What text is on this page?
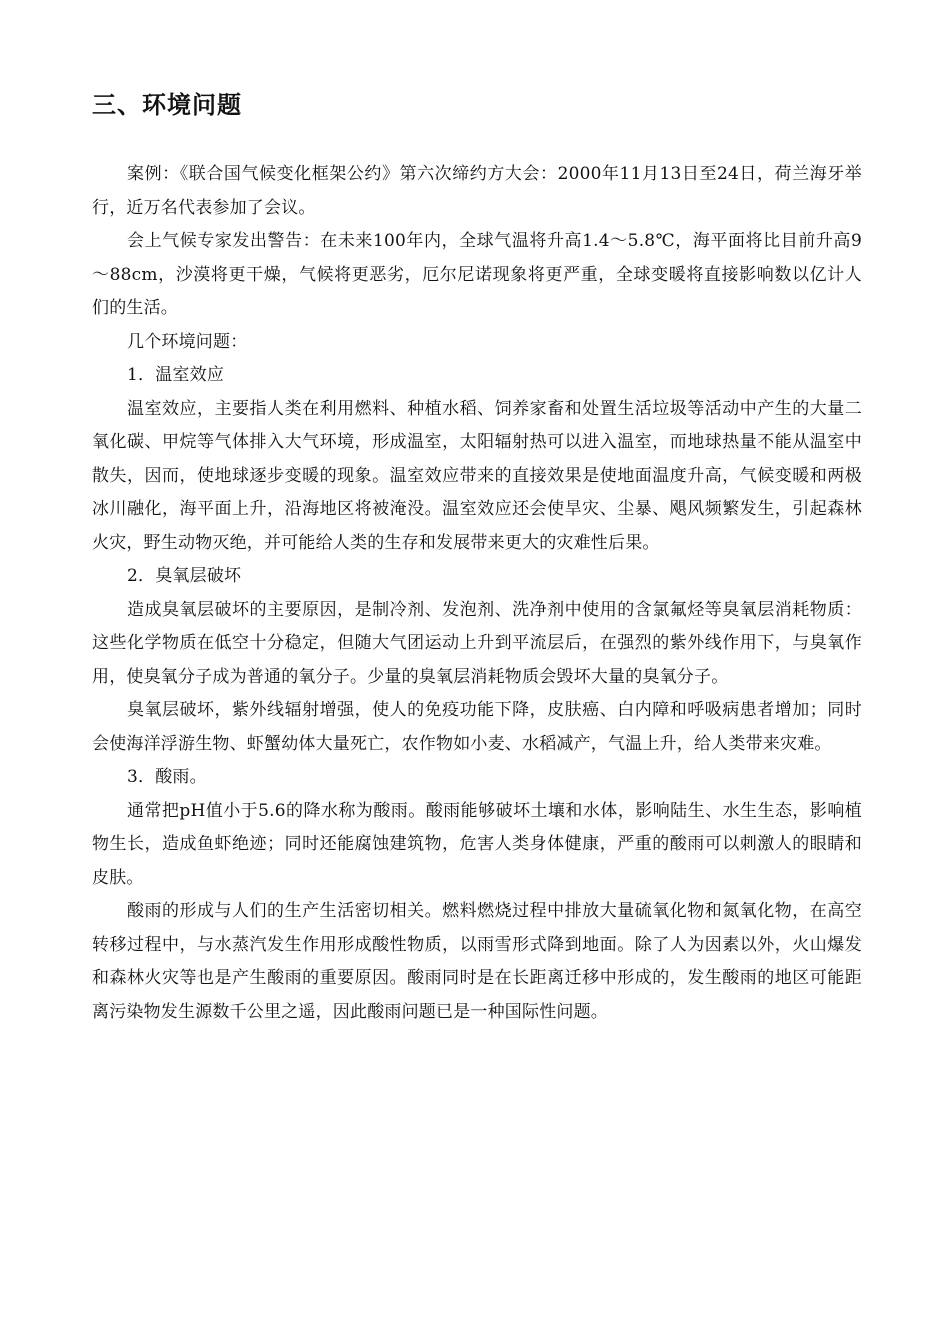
三、环境问题

案例：《联合国气候变化框架公约》第六次缔约方大会：2000年11月13日至24日，荷兰海牙举行，近万名代表参加了会议。

会上气候专家发出警告：在未来100年内，全球气温将升高1.4～5.8℃，海平面将比目前升高9～88cm，沙漠将更干燥，气候将更恶劣，厄尔尼诺现象将更严重，全球变暖将直接影响数以亿计人们的生活。

几个环境问题：

1．温室效应

温室效应，主要指人类在利用燃料、种植水稻、饲养家畜和处置生活垃圾等活动中产生的大量二氧化碳、甲烷等气体排入大气环境，形成温室，太阳辐射热可以进入温室，而地球热量不能从温室中散失，因而，使地球逐步变暖的现象。温室效应带来的直接效果是使地面温度升高，气候变暖和两极冰川融化，海平面上升，沿海地区将被淹没。温室效应还会使旱灾、尘暴、飓风频繁发生，引起森林火灾，野生动物灭绝，并可能给人类的生存和发展带来更大的灾难性后果。

2．臭氧层破坏

造成臭氧层破坏的主要原因，是制冷剂、发泡剂、洗净剂中使用的含氯氟烃等臭氧层消耗物质：这些化学物质在低空十分稳定，但随大气团运动上升到平流层后，在强烈的紫外线作用下，与臭氧作用，使臭氧分子成为普通的氧分子。少量的臭氧层消耗物质会毁坏大量的臭氧分子。

臭氧层破坏，紫外线辐射增强，使人的免疫功能下降，皮肤癌、白内障和呼吸病患者增加；同时会使海洋浮游生物、虾蟹幼体大量死亡，农作物如小麦、水稻减产，气温上升，给人类带来灾难。

3．酸雨。

通常把pH值小于5.6的降水称为酸雨。酸雨能够破坏土壤和水体，影响陆生、水生生态，影响植物生长，造成鱼虾绝迹；同时还能腐蚀建筑物，危害人类身体健康，严重的酸雨可以刺激人的眼睛和皮肤。

酸雨的形成与人们的生产生活密切相关。燃料燃烧过程中排放大量硫氧化物和氮氧化物，在高空转移过程中，与水蒸汽发生作用形成酸性物质，以雨雪形式降到地面。除了人为因素以外，火山爆发和森林火灾等也是产生酸雨的重要原因。酸雨同时是在长距离迁移中形成的，发生酸雨的地区可能距离污染物发生源数千公里之遥，因此酸雨问题已是一种国际性问题。
